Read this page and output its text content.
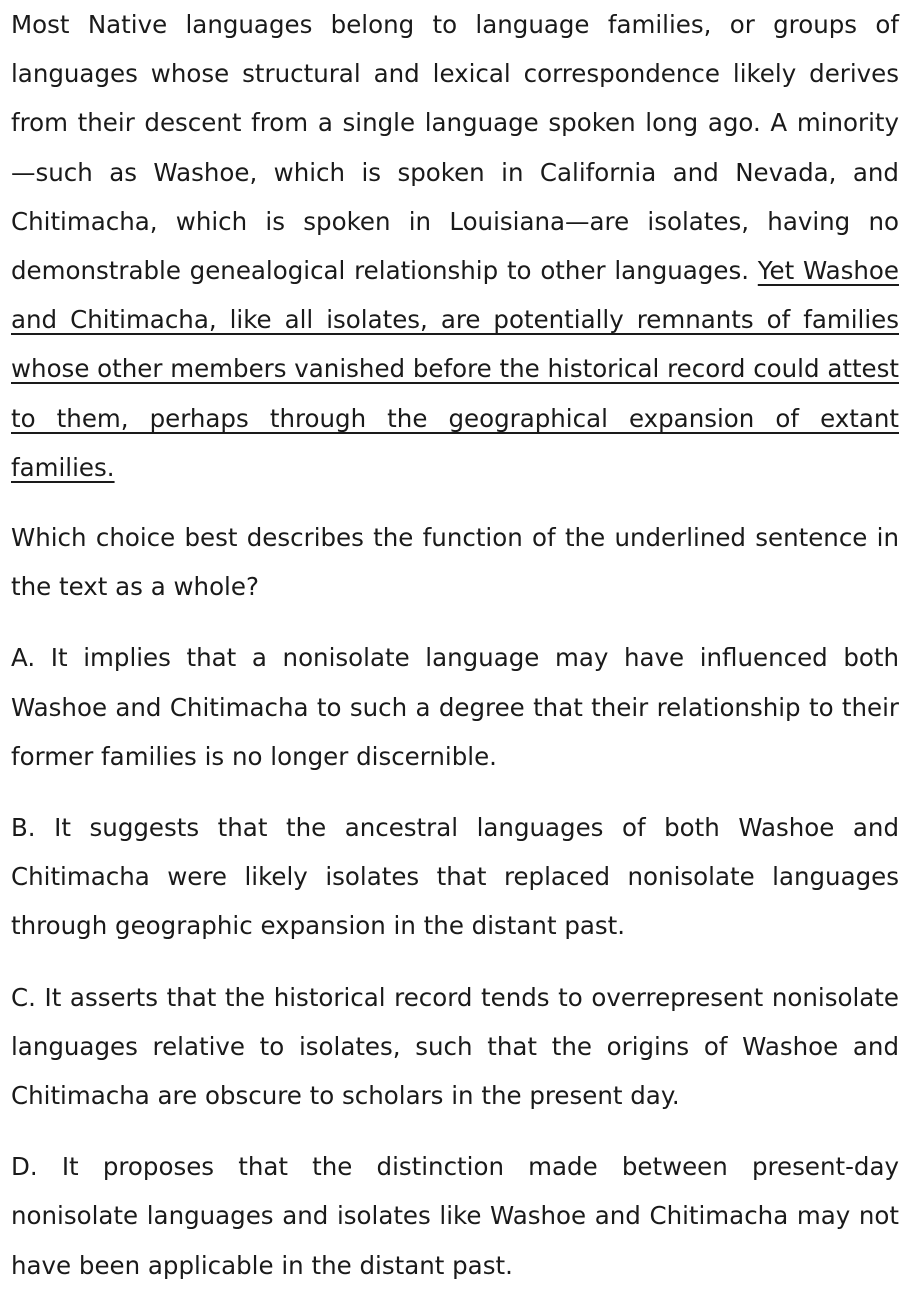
Most Native languages belong to language families, or groups of languages whose structural and lexical correspondence likely derives from their descent from a single language spoken long ago. A minority—such as Washoe, which is spoken in California and Nevada, and Chitimacha, which is spoken in Louisiana—are isolates, having no demonstrable genealogical relationship to other languages. Yet Washoe and Chitimacha, like all isolates, are potentially remnants of families whose other members vanished before the historical record could attest to them, perhaps through the geographical expansion of extant families.

Which choice best describes the function of the underlined sentence in the text as a whole?

A. It implies that a nonisolate language may have influenced both Washoe and Chitimacha to such a degree that their relationship to their former families is no longer discernible.

B. It suggests that the ancestral languages of both Washoe and Chitimacha were likely isolates that replaced nonisolate languages through geographic expansion in the distant past.

C. It asserts that the historical record tends to overrepresent nonisolate languages relative to isolates, such that the origins of Washoe and Chitimacha are obscure to scholars in the present day.

D. It proposes that the distinction made between present-day nonisolate languages and isolates like Washoe and Chitimacha may not have been applicable in the distant past.
